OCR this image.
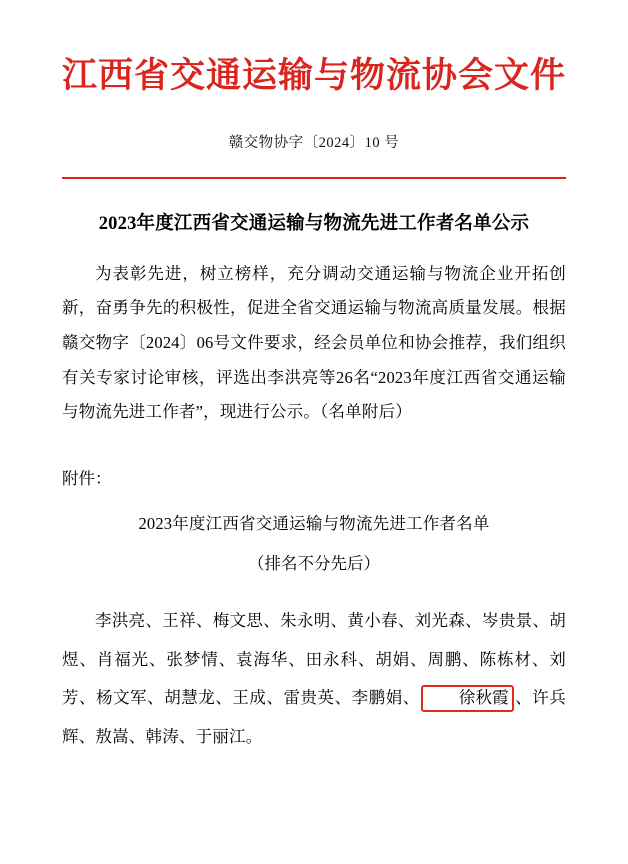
江西省交通运输与物流协会文件
赣交物协字〔2024〕10 号
2023年度江西省交通运输与物流先进工作者名单公示

为表彰先进，树立榜样，充分调动交通运输与物流企业开拓创新，奋勇争先的积极性，促进全省交通运输与物流高质量发展。根据赣交物字〔2024〕06号文件要求，经会员单位和协会推荐，我们组织有关专家讨论审核，评选出李洪亮等26名“2023年度江西省交通运输与物流先进工作者”，现进行公示。（名单附后）

附件：
2023年度江西省交通运输与物流先进工作者名单
（排名不分先后）

李洪亮、王祥、梅文思、朱永明、黄小春、刘光森、岑贵景、胡煜、肖福光、张梦情、袁海华、田永科、胡娟、周鹏、陈栋材、刘芳、杨文军、胡慧龙、王成、雷贵英、李鹏娟、 徐秋霞 、许兵辉、敖嵩、韩涛、于丽江。
